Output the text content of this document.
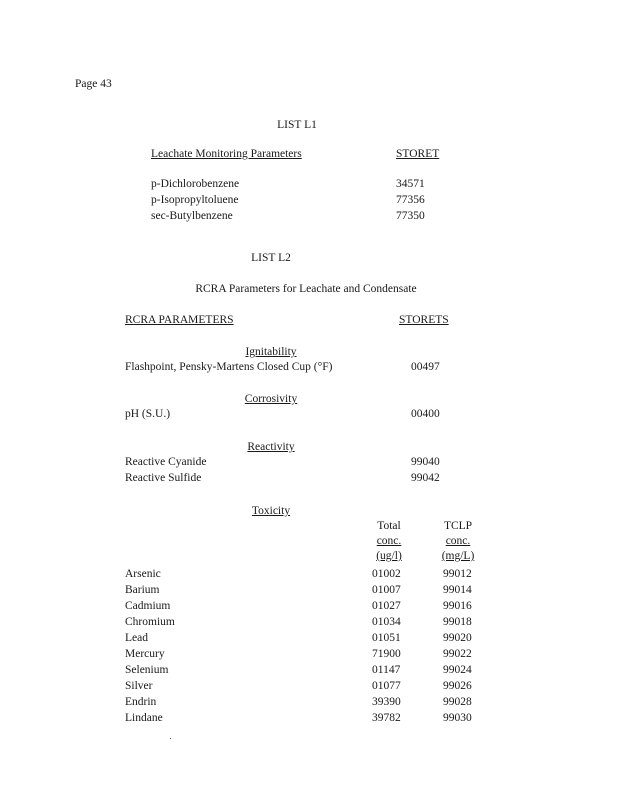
Page 43
LIST L1
Leachate Monitoring Parameters	STORET
p-Dichlorobenzene	34571
p-Isopropyltoluene	77356
sec-Butylbenzene	77350
LIST L2
RCRA Parameters for Leachate and Condensate
RCRA PARAMETERS	STORETS
Ignitability
Flashpoint, Pensky-Martens Closed Cup (°F)	00497
Corrosivity
pH (S.U.)	00400
Reactivity
Reactive Cyanide	99040
Reactive Sulfide	99042
Toxicity
Total
conc.
(ug/l)
TCLP
conc.
(mg/L)
Arsenic	01002	99012
Barium	01007	99014
Cadmium	01027	99016
Chromium	01034	99018
Lead	01051	99020
Mercury	71900	99022
Selenium	01147	99024
Silver	01077	99026
Endrin	39390	99028
Lindane	39782	99030
